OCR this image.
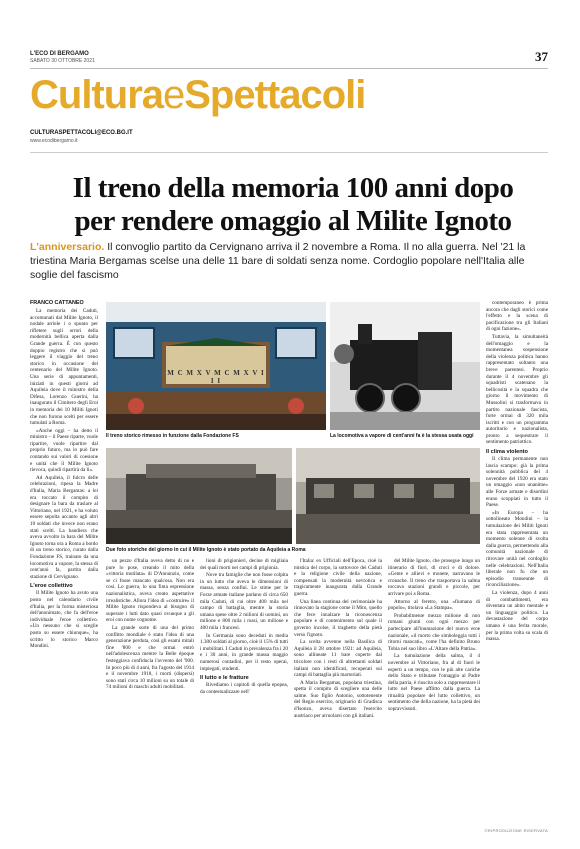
L'ECO DI BERGAMO
SABATO 30 OTTOBRE 2021	37
CulturaeSpettacoli
CULTURASPETTACOLI@ECO.BG.IT
www.ecodibergamo.it
Il treno della memoria 100 anni dopo per rendere omaggio al Milite Ignoto
L'anniversario. Il convoglio partito da Cervignano arriva il 2 novembre a Roma. Il no alla guerra. Nel '21 la triestina Maria Bergamas scelse una delle 11 bare di soldati senza nome. Cordoglio popolare nell'Italia alle soglie del fascismo
FRANCO CATTANEO

La memoria dei Caduti, accomunati dal Milite Ignoto, il nodale arriele i o spunto per rifletere sugli orrori della modernità bellica aperta dalla Grande guerra. È con questo doppio registro che si può leggere il viaggio del treno storico in occasione del centenario del Milite Ignoto. Una serie di appuntamenti, iniziati in questi giorni ad Aquileia dove il ministro della Difesa, Lorenzo Guerini, ha inaugurato il Cimitero degli Eroi in memoria dei 10 Militi Ignoti che non furono scelti per essere tumulati a Roma.

«Anche oggi – ha detto il ministro – il Paese ripartе, vuole ripartire, vuole ripartire dal proprio futuro, ma lo può fare contando sui valori di coesione e unità che il Milite Ignoto rievoca, quindi ripartirà da lì».

Ad Aquileia, il fulcro delle celebrazioni, ripesa la Madre d'Italia, Maria Bergamas: a lei era toccato il compito di designare la bara da traslare al Vittoriano, nel 1921, e ha voluto essere sepolta accanto agli altri 10 soldati che invece non erano stati scelti. La bandiera che aveva avvolto la bara del Milite Ignoto torna ora a Roma a bordo di un treno storico, curato dalla Fondazione FS, trainato da una locomotiva a vapore, la stessa di cent'anni fa, partita dalla stazione di Cervignano.

L'eroe collettivo

Il Milite Ignoto ha avuto una posto nel calendario civile d'Italia, per la forma misteriosa dell'anonimato, che fa dell'eroe individuale l'eroe collettivo. «Un nessuno che si sceglie posto su essere chiunque», ha scritto lo storico Marco Mondini.

M C M X V M C M X V I I I
Il treno storico rimesso in funzione dalla Fondazione FS	La locomotiva a vapore di cent'anni fa è la stessa usata oggi
Due foto storiche del giorno in cui il Milite Ignoto è stato portato da Aquileia a Roma

un pezzo d'Italia aveva detto di no e pure lo pose, creando il mito della «vittoria mutilata» di D'Annunzio, come se ci fosse mancato qualcosa. Non era così. Lo guerra, lo una finta espressione nazionalistica, aveva creato aspettative irrealistiche. Allora l'idea di «costruire» il Milite Ignoto rispondeva al bisogno di superare i lutti dato quasi ovunque a gli eroi con nome cognome.

La grande sorte di una del primo conflitto mondiale è stato l'idea di una generazione perduta, così gli esami mitali fine '800 e che ormai entrò nell'adolescenza mentre la Belle époque festeggiava confiducia l'avvento del '900. In poco più di 4 anni, fra l'agosto del 1914 e il novembre 1918, i morti (dispersi) sono stati circa 10 milioni su un totale di 74 milioni di maschi adulti mobilitati.

lioni di prigionieri, decine di migliaia dei quali morti nei campi di prigionia.

Nove tra famiglie che non fosse colpita in un lutto che aveva le dimensioni di massa, senza confini. Le stime per le Forze armate italiane parlano di circa 650 mila Caduti, di cui oltre 400 mila nel campo di battaglia, mentre la storia umana spese oltre 2 milioni di uomini, un milione e 800 mila i russi, un milione e 400 mila i francesi.

In Germania sono deceduti in media 1.300 soldati al giorno, cioè il 15% di tutti i mobilitati. I Caduti in prevalenza fra i 20 e i 30 anni, in grande massa maggio numerosi contadini, per il resto operai, impiegati, studenti.

Il lutto e le fratture

Rivediamo i capitoli di quella epopea, da contestualizzare nell'

l'Italia: ex Ufficiali dell'Epoca, cioè la mistica del corpo, la sottovoce dei Caduti e la religione civile della nazione, compensati la modernità nevrotica e tragicamente inaugurata dalla Grande guerra.

Una linea continua del cerimoniale ha rinnovato la stagione come il Mito, quello che fece innalzare la riconoscenza popolare e di contenimento sul quale il governo incolse, il traghetto della pietà verso l'ignoto.

La scelta avvenne nella Basilica di Aquileia il 28 ottobre 1921: ad Aquileia, sono allineate 11 bare coperte dal tricolore con i resti di altrettanti soldati italiani non identificati, recuperati sui campi di battaglia più martoriati.

A Maria Bergamas, popolana triestina, spetta il compito di scegliere una delle salme. Suo figlio Antonio, sottotenente del Regio esercito, originario di Gradisca d'Isonzo, aveva disertato l'esercito austriaco per arruolarsi con gli italiani.

del Milite Ignoto, che prosegue lungo un itinerario di fiori, di croci e di dolore. «Gente e allievi e monete, narravano le cronache. Il treno che trasportava la salma toccava stazioni grandi e piccole, per arrivare poi a Roma.

Attorno al feretro, una «fiumana di popolo», titolava «La Stampa».

Probabilmente mezzo milione di non romani giunti con ogni mezzo per partecipare all'inumazione del nuovo eroe nazionale, «il morto che simboleggia tutti i ritorni mancati», come l'ha definito Bruno Tobia nel suo libro «L'Altare della Patria».

La tumulazione della salma, il 4 novembre al Vittoriano, fra al di fuori le esperti a un tempo, con le più alte cariche dello Stato e tributate l'omaggio al Padre della patria, è riuscita solo a rappresentare il lutto nel Paese afflitto dalla guerra. La ritualità popolare del lutto collettivo, un sentimento che della nazione, ha la pietà dei sopravvissuti.

contemporaneo è prima ancora che dagli storici come l'effetto e la scena di pacificazione tra gli Italiani di ogni fazione».

Tuttavia, la simultaneità dell'omaggio e la momentanea sospensione della violenza politica hanno rappresentato soltanto una breve parentesi. Proprio durante il 4 novembre gli squadristi scatenano la bellicosità e la squadra che giorno il movimento di Mussolini si trasformava in partito nazionale fascista, forte ormai di 320 mila iscritti e con un programma autoritario e nazionalista, pronto a sequestrare il sentimento patriottico.

Il clima violento

Il clima permanente non lascia scampo: già la prima solennità pubblica del 4 novembre del 1920 era stato un omaggio «non unanime» alle Forze armate e disordini erano scoppiati in tutto il Paese.

«In Europa – ha sottolineato Mondini – la tumulazione dei Militi Ignoti era stata rappresentata un momento solenne di svolta dalla guerra, permettendo alla comunità nazionale di ritrovare unità nel cordoglio nelle celebrazioni. Nell'Italia liberale non fu che un episodio transeunte di riconciliazione».

La violenza, dopo 4 anni di combattimenti, era diventata un abito mentale e un linguaggio politico. La devastazione del corpo umano è una ferita morale, per la prima volta su scala di massa.

©RIPRODUZIONE RISERVATA
